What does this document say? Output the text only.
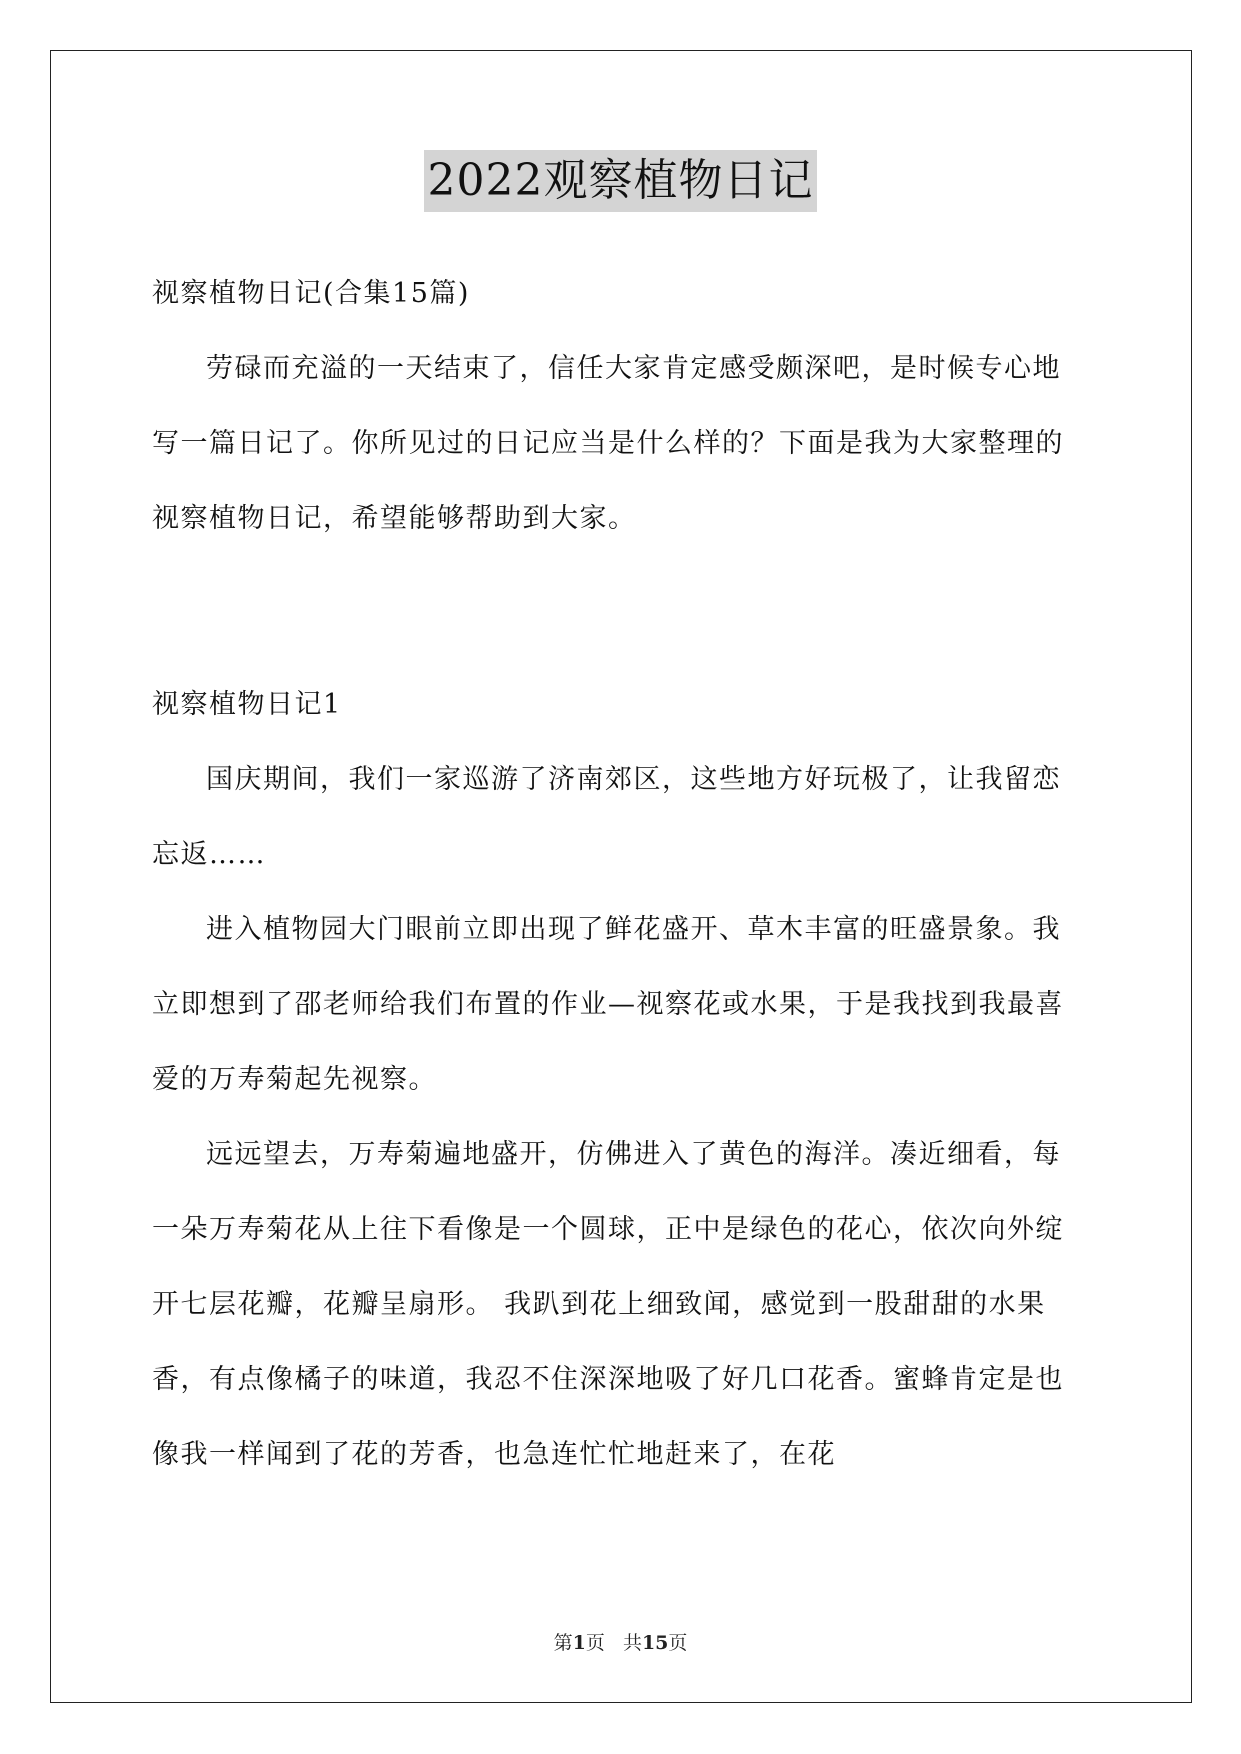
2022观察植物日记

视察植物日记(合集15篇)

劳碌而充溢的一天结束了，信任大家肯定感受颇深吧，是时候专心地写一篇日记了。你所见过的日记应当是什么样的？下面是我为大家整理的视察植物日记，希望能够帮助到大家。

视察植物日记1

国庆期间，我们一家巡游了济南郊区，这些地方好玩极了，让我留恋忘返……

进入植物园大门眼前立即出现了鲜花盛开、草木丰富的旺盛景象。我立即想到了邵老师给我们布置的作业—视察花或水果，于是我找到我最喜爱的万寿菊起先视察。

远远望去，万寿菊遍地盛开，仿佛进入了黄色的海洋。凑近细看，每一朵万寿菊花从上往下看像是一个圆球，正中是绿色的花心，依次向外绽开七层花瓣，花瓣呈扇形。 我趴到花上细致闻，感觉到一股甜甜的水果香，有点像橘子的味道，我忍不住深深地吸了好几口花香。蜜蜂肯定是也像我一样闻到了花的芳香，也急连忙忙地赶来了，在花

第1页   共15页
